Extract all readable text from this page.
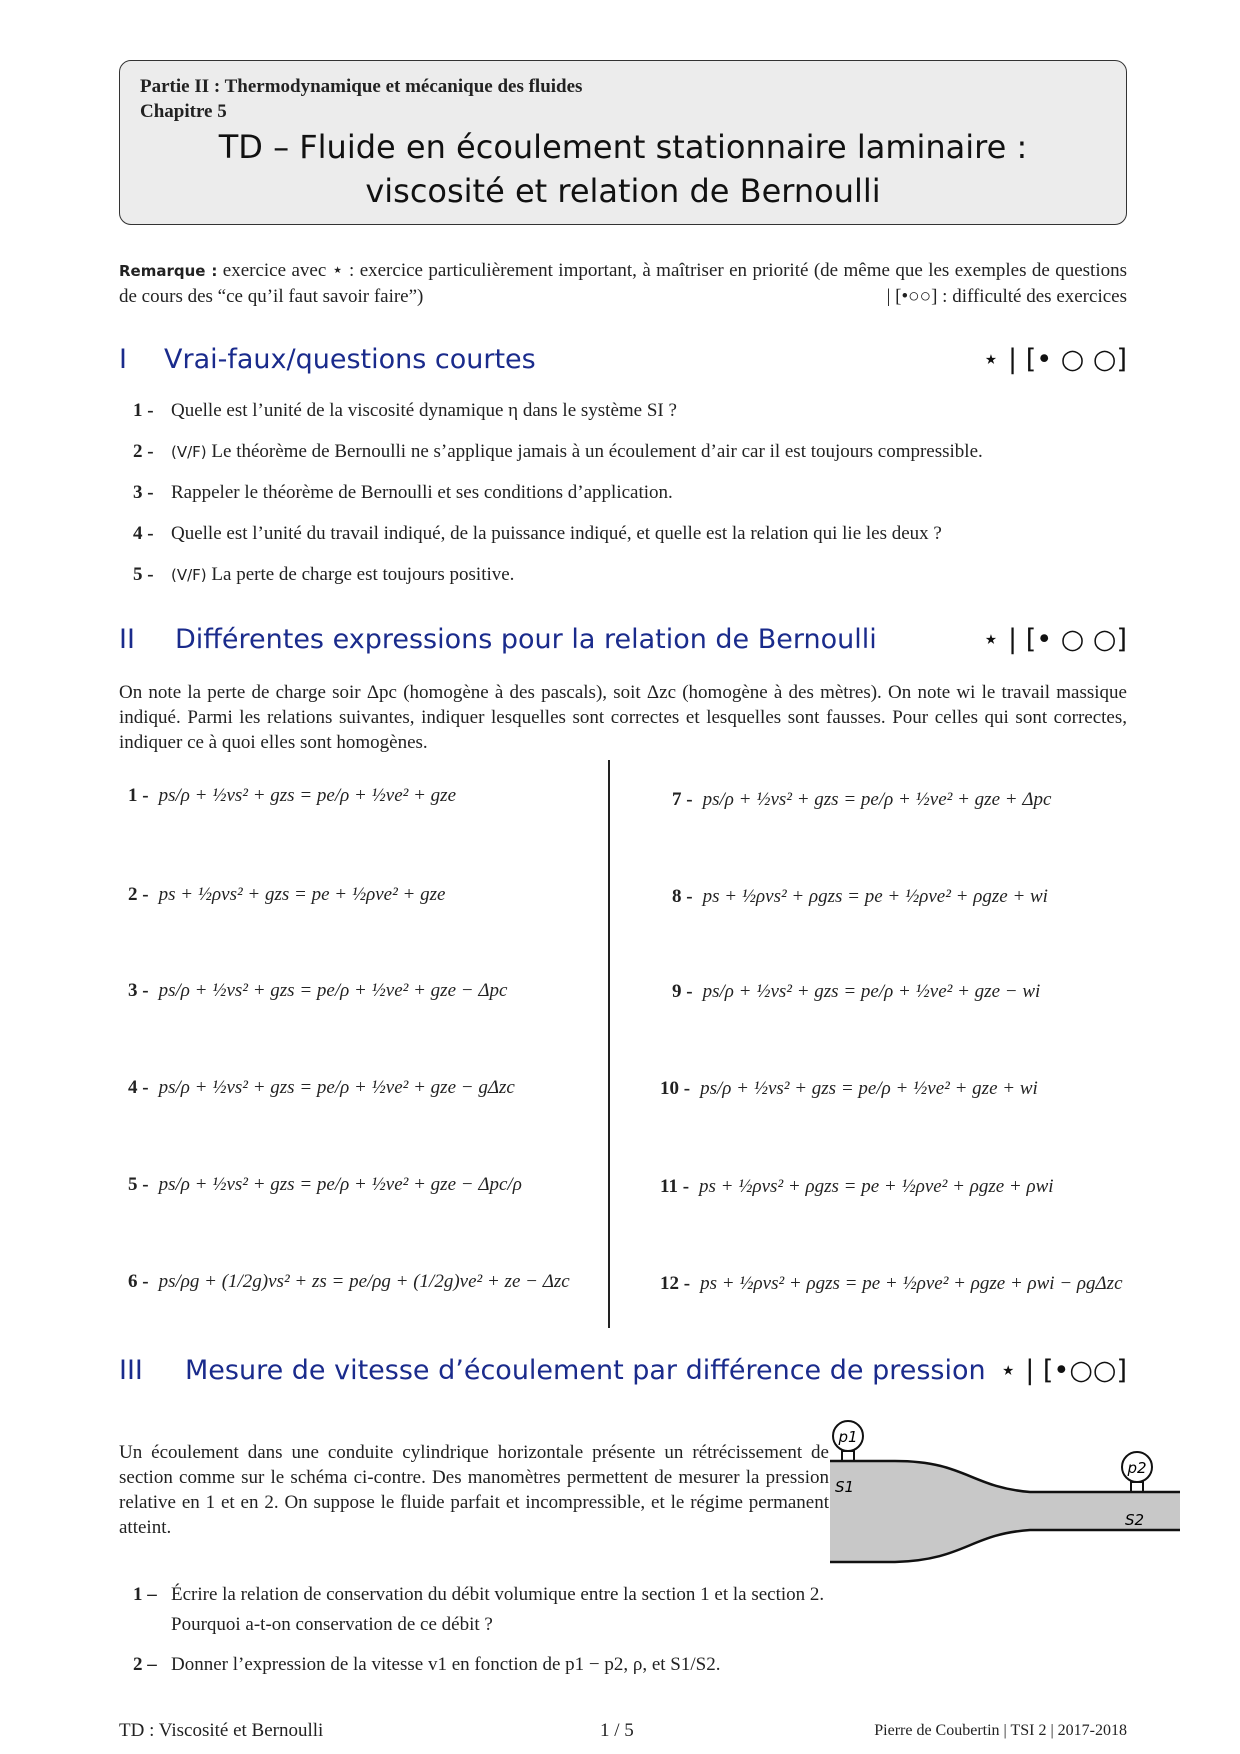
Partie II : Thermodynamique et mécanique des fluides
Chapitre 5
TD – Fluide en écoulement stationnaire laminaire :
viscosité et relation de Bernoulli
Remarque : exercice avec ⋆ : exercice particulièrement important, à maîtriser en priorité (de même que les exemples de questions de cours des “ce qu’il faut savoir faire”)	| [•○○] : difficulté des exercices
I Vrai-faux/questions courtes	⋆ | [• ○ ○]
1 - Quelle est l’unité de la viscosité dynamique η dans le système SI ?
2 - (V/F) Le théorème de Bernoulli ne s’applique jamais à un écoulement d’air car il est toujours compressible.
3 - Rappeler le théorème de Bernoulli et ses conditions d’application.
4 - Quelle est l’unité du travail indiqué, de la puissance indiqué, et quelle est la relation qui lie les deux ?
5 - (V/F) La perte de charge est toujours positive.
II Différentes expressions pour la relation de Bernoulli	⋆ | [• ○ ○]
On note la perte de charge soir Δpc (homogène à des pascals), soit Δzc (homogène à des mètres). On note wi le travail massique indiqué. Parmi les relations suivantes, indiquer lesquelles sont correctes et lesquelles sont fausses. Pour celles qui sont correctes, indiquer ce à quoi elles sont homogènes.
1 - ps/ρ + ½vs² + gzs = pe/ρ + ½ve² + gze
2 - ps + ½ρvs² + gzs = pe + ½ρve² + gze
3 - ps/ρ + ½vs² + gzs = pe/ρ + ½ve² + gze − Δpc
4 - ps/ρ + ½vs² + gzs = pe/ρ + ½ve² + gze − gΔzc
5 - ps/ρ + ½vs² + gzs = pe/ρ + ½ve² + gze − Δpc/ρ
6 - ps/ρg + (1/2g)vs² + zs = pe/ρg + (1/2g)ve² + ze − Δzc
7 - ps/ρ + ½vs² + gzs = pe/ρ + ½ve² + gze + Δpc
8 - ps + ½ρvs² + ρgzs = pe + ½ρve² + ρgze + wi
9 - ps/ρ + ½vs² + gzs = pe/ρ + ½ve² + gze − wi
10 - ps/ρ + ½vs² + gzs = pe/ρ + ½ve² + gze + wi
11 - ps + ½ρvs² + ρgzs = pe + ½ρve² + ρgze + ρwi
12 - ps + ½ρvs² + ρgzs = pe + ½ρve² + ρgze + ρwi − ρgΔzc
III Mesure de vitesse d’écoulement par différence de pression ⋆ | [•○○]
Un écoulement dans une conduite cylindrique horizontale présente un rétrécissement de section comme sur le schéma ci-contre. Des manomètres permettent de mesurer la pression relative en 1 et en 2. On suppose le fluide parfait et incompressible, et le régime permanent atteint.
p1
p2
S1
S2
1 – Écrire la relation de conservation du débit volumique entre la section 1 et la section 2.
Pourquoi a-t-on conservation de ce débit ?
2 – Donner l’expression de la vitesse v1 en fonction de p1 − p2, ρ, et S1/S2.
TD : Viscosité et Bernoulli	1 / 5	Pierre de Coubertin | TSI 2 | 2017-2018
